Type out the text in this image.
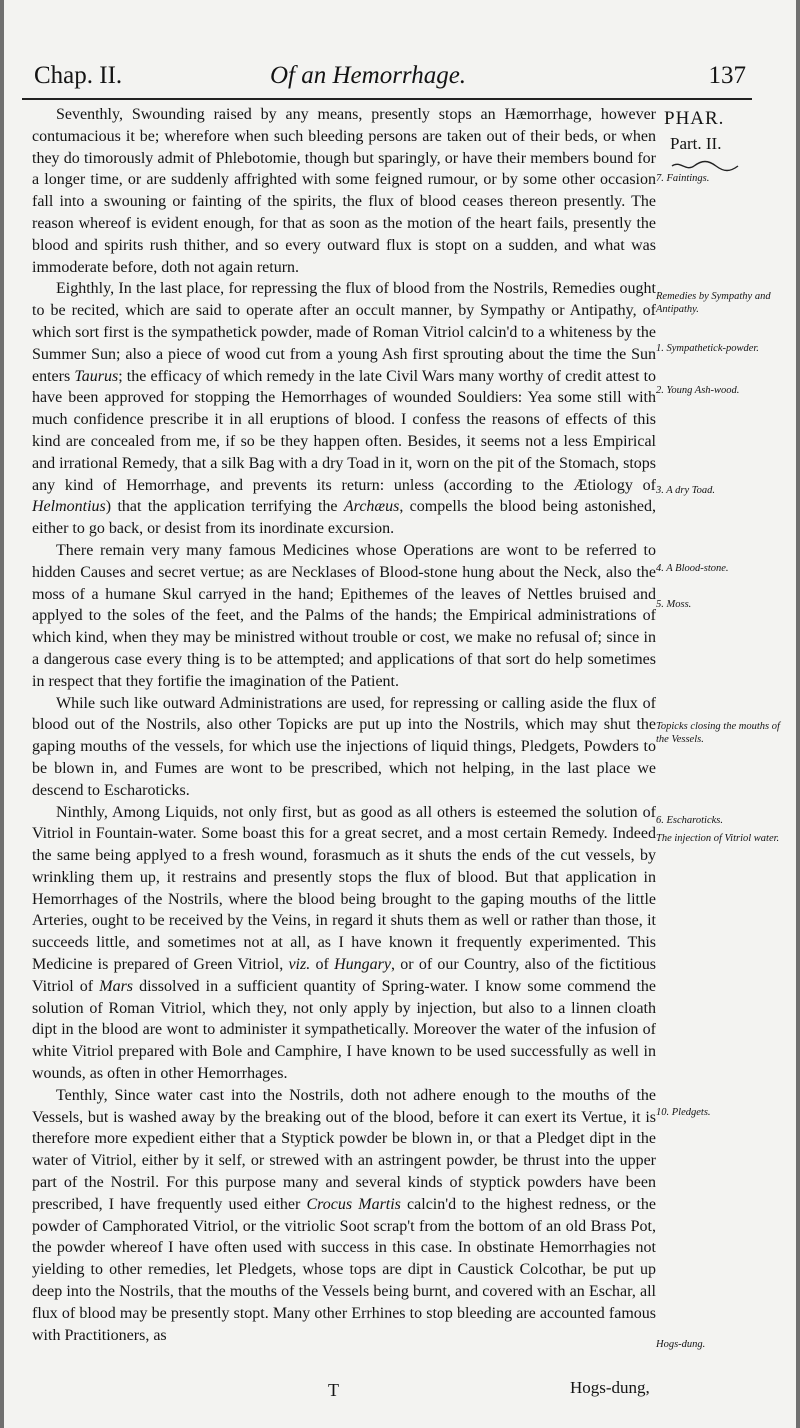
Chap. II.	Of an Hemorrhage.	137

Seventhly, Swounding raised by any means, presently stops an Hæmorrhage, however contumacious it be; wherefore when such bleeding persons are taken out of their beds, or when they do timorously admit of Phlebotomie, though but sparingly, or have their members bound for a longer time, or are suddenly affrighted with some feigned rumour, or by some other occasion fall into a swouning or fainting of the spirits, the flux of blood ceases thereon presently. The reason whereof is evident enough, for that as soon as the motion of the heart fails, presently the blood and spirits rush thither, and so every outward flux is stopt on a sudden, and what was immoderate before, doth not again return.

Eighthly, In the last place, for repressing the flux of blood from the Nostrils, Remedies ought to be recited, which are said to operate after an occult manner, by Sympathy or Antipathy, of which sort first is the sympathetick powder, made of Roman Vitriol calcin'd to a whiteness by the Summer Sun; also a piece of wood cut from a young Ash first sprouting about the time the Sun enters Taurus; the efficacy of which remedy in the late Civil Wars many worthy of credit attest to have been approved for stopping the Hemorrhages of wounded Souldiers: Yea some still with much confidence prescribe it in all eruptions of blood. I confess the reasons of effects of this kind are concealed from me, if so be they happen often. Besides, it seems not a less Empirical and irrational Remedy, that a silk Bag with a dry Toad in it, worn on the pit of the Stomach, stops any kind of Hemorrhage, and prevents its return: unless (according to the Ætiology of Helmontius) that the application terrifying the Archæus, compells the blood being astonished, either to go back, or desist from its inordinate excursion.

There remain very many famous Medicines whose Operations are wont to be referred to hidden Causes and secret vertue; as are Necklases of Blood-stone hung about the Neck, also the moss of a humane Skul carryed in the hand; Epithemes of the leaves of Nettles bruised and applyed to the soles of the feet, and the Palms of the hands; the Empirical administrations of which kind, when they may be ministred without trouble or cost, we make no refusal of; since in a dangerous case every thing is to be attempted; and applications of that sort do help sometimes in respect that they fortifie the imagination of the Patient.

While such like outward Administrations are used, for repressing or calling aside the flux of blood out of the Nostrils, also other Topicks are put up into the Nostrils, which may shut the gaping mouths of the vessels, for which use the injections of liquid things, Pledgets, Powders to be blown in, and Fumes are wont to be prescribed, which not helping, in the last place we descend to Escharoticks.

Ninthly, Among Liquids, not only first, but as good as all others is esteemed the solution of Vitriol in Fountain-water. Some boast this for a great secret, and a most certain Remedy. Indeed the same being applyed to a fresh wound, forasmuch as it shuts the ends of the cut vessels, by wrinkling them up, it restrains and presently stops the flux of blood. But that application in Hemorrhages of the Nostrils, where the blood being brought to the gaping mouths of the little Arteries, ought to be received by the Veins, in regard it shuts them as well or rather than those, it succeeds little, and sometimes not at all, as I have known it frequently experimented. This Medicine is prepared of Green Vitriol, viz. of Hungary, or of our Country, also of the fictitious Vitriol of Mars dissolved in a sufficient quantity of Spring-water. I know some commend the solution of Roman Vitriol, which they, not only apply by injection, but also to a linnen cloath dipt in the blood are wont to administer it sympathetically. Moreover the water of the infusion of white Vitriol prepared with Bole and Camphire, I have known to be used successfully as well in wounds, as often in other Hemorrhages.

Tenthly, Since water cast into the Nostrils, doth not adhere enough to the mouths of the Vessels, but is washed away by the breaking out of the blood, before it can exert its Vertue, it is therefore more expedient either that a Styptick powder be blown in, or that a Pledget dipt in the water of Vitriol, either by it self, or strewed with an astringent powder, be thrust into the upper part of the Nostril. For this purpose many and several kinds of styptick powders have been prescribed, I have frequently used either Crocus Martis calcin'd to the highest redness, or the powder of Camphorated Vitriol, or the vitriolic Soot scrap't from the bottom of an old Brass Pot, the powder whereof I have often used with success in this case. In obstinate Hemorrhagies not yielding to other remedies, let Pledgets, whose tops are dipt in Caustick Colcothar, be put up deep into the Nostrils, that the mouths of the Vessels being burnt, and covered with an Eschar, all flux of blood may be presently stopt. Many other Errhines to stop bleeding are accounted famous with Practitioners, as

PHAR.
Part. II.
7. Faintings.
Remedies by Sympathy and Antipathy.
1. Sympathetick-powder.
2. Young Ash-wood.
3. A dry Toad.
4. A Blood-stone.
5. Moss.
Topicks closing the mouths of the Vessels.
6. Escharoticks.
The injection of Vitriol water.
10. Pledgets.
Hogs-dung.
T	Hogs-dung,
